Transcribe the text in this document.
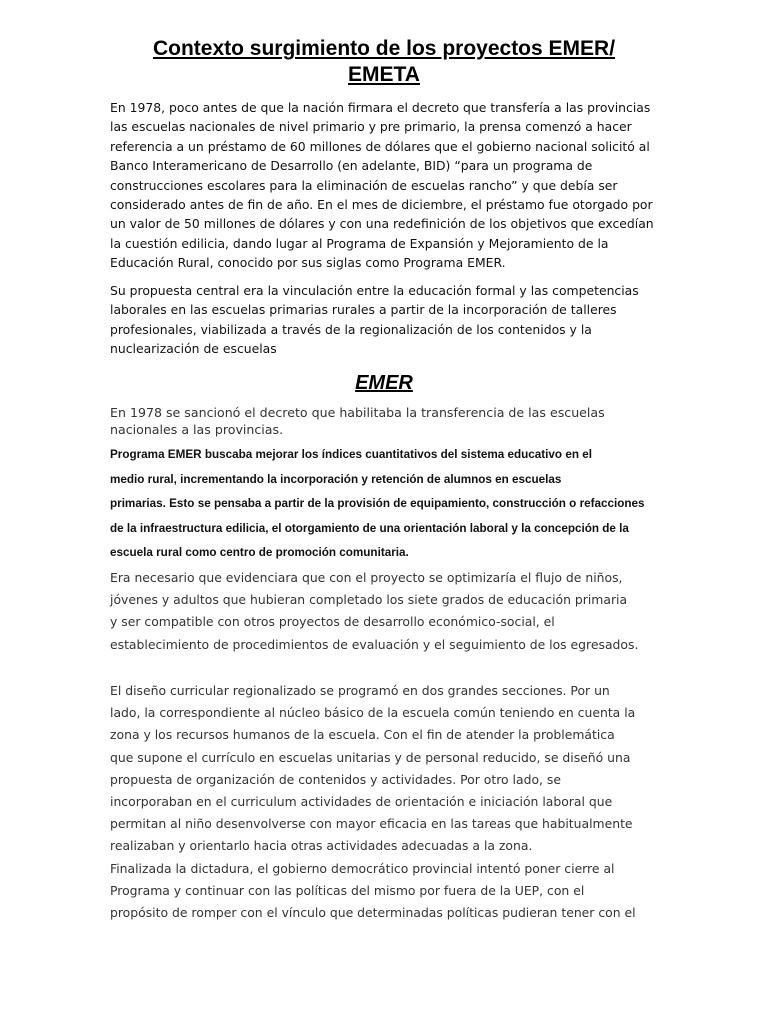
Contexto surgimiento de los proyectos EMER/
EMETA

En 1978, poco antes de que la nación firmara el decreto que transfería a las provincias las escuelas nacionales de nivel primario y pre primario, la prensa comenzó a hacer referencia a un préstamo de 60 millones de dólares que el gobierno nacional solicitó al Banco Interamericano de Desarrollo (en adelante, BID) “para un programa de construcciones escolares para la eliminación de escuelas rancho” y que debía ser considerado antes de fin de año. En el mes de diciembre, el préstamo fue otorgado por un valor de 50 millones de dólares y con una redefinición de los objetivos que excedían la cuestión edilicia, dando lugar al Programa de Expansión y Mejoramiento de la Educación Rural, conocido por sus siglas como Programa EMER.

Su propuesta central era la vinculación entre la educación formal y las competencias laborales en las escuelas primarias rurales a partir de la incorporación de talleres profesionales, viabilizada a través de la regionalización de los contenidos y la nuclearización de escuelas

EMER

En 1978 se sancionó el decreto que habilitaba la transferencia de las escuelas nacionales a las provincias.

Programa EMER buscaba mejorar los índices cuantitativos del sistema educativo en el
medio rural, incrementando la incorporación y retención de alumnos en escuelas
primarias. Esto se pensaba a partir de la provisión de equipamiento, construcción o refacciones
de la infraestructura edilicia, el otorgamiento de una orientación laboral y la concepción de la
escuela rural como centro de promoción comunitaria.
Era necesario que evidenciara que con el proyecto se optimizaría el flujo de niños,
jóvenes y adultos que hubieran completado los siete grados de educación primaria
y ser compatible con otros proyectos de desarrollo económico-social, el
establecimiento de procedimientos de evaluación y el seguimiento de los egresados.
El diseño curricular regionalizado se programó en dos grandes secciones. Por un
lado, la correspondiente al núcleo básico de la escuela común teniendo en cuenta la
zona y los recursos humanos de la escuela. Con el fin de atender la problemática
que supone el currículo en escuelas unitarias y de personal reducido, se diseñó una
propuesta de organización de contenidos y actividades. Por otro lado, se
incorporaban en el curriculum actividades de orientación e iniciación laboral que
permitan al niño desenvolverse con mayor eficacia en las tareas que habitualmente
realizaban y orientarlo hacia otras actividades adecuadas a la zona.
Finalizada la dictadura, el gobierno democrático provincial intentó poner cierre al
Programa y continuar con las políticas del mismo por fuera de la UEP, con el
propósito de romper con el vínculo que determinadas políticas pudieran tener con el
